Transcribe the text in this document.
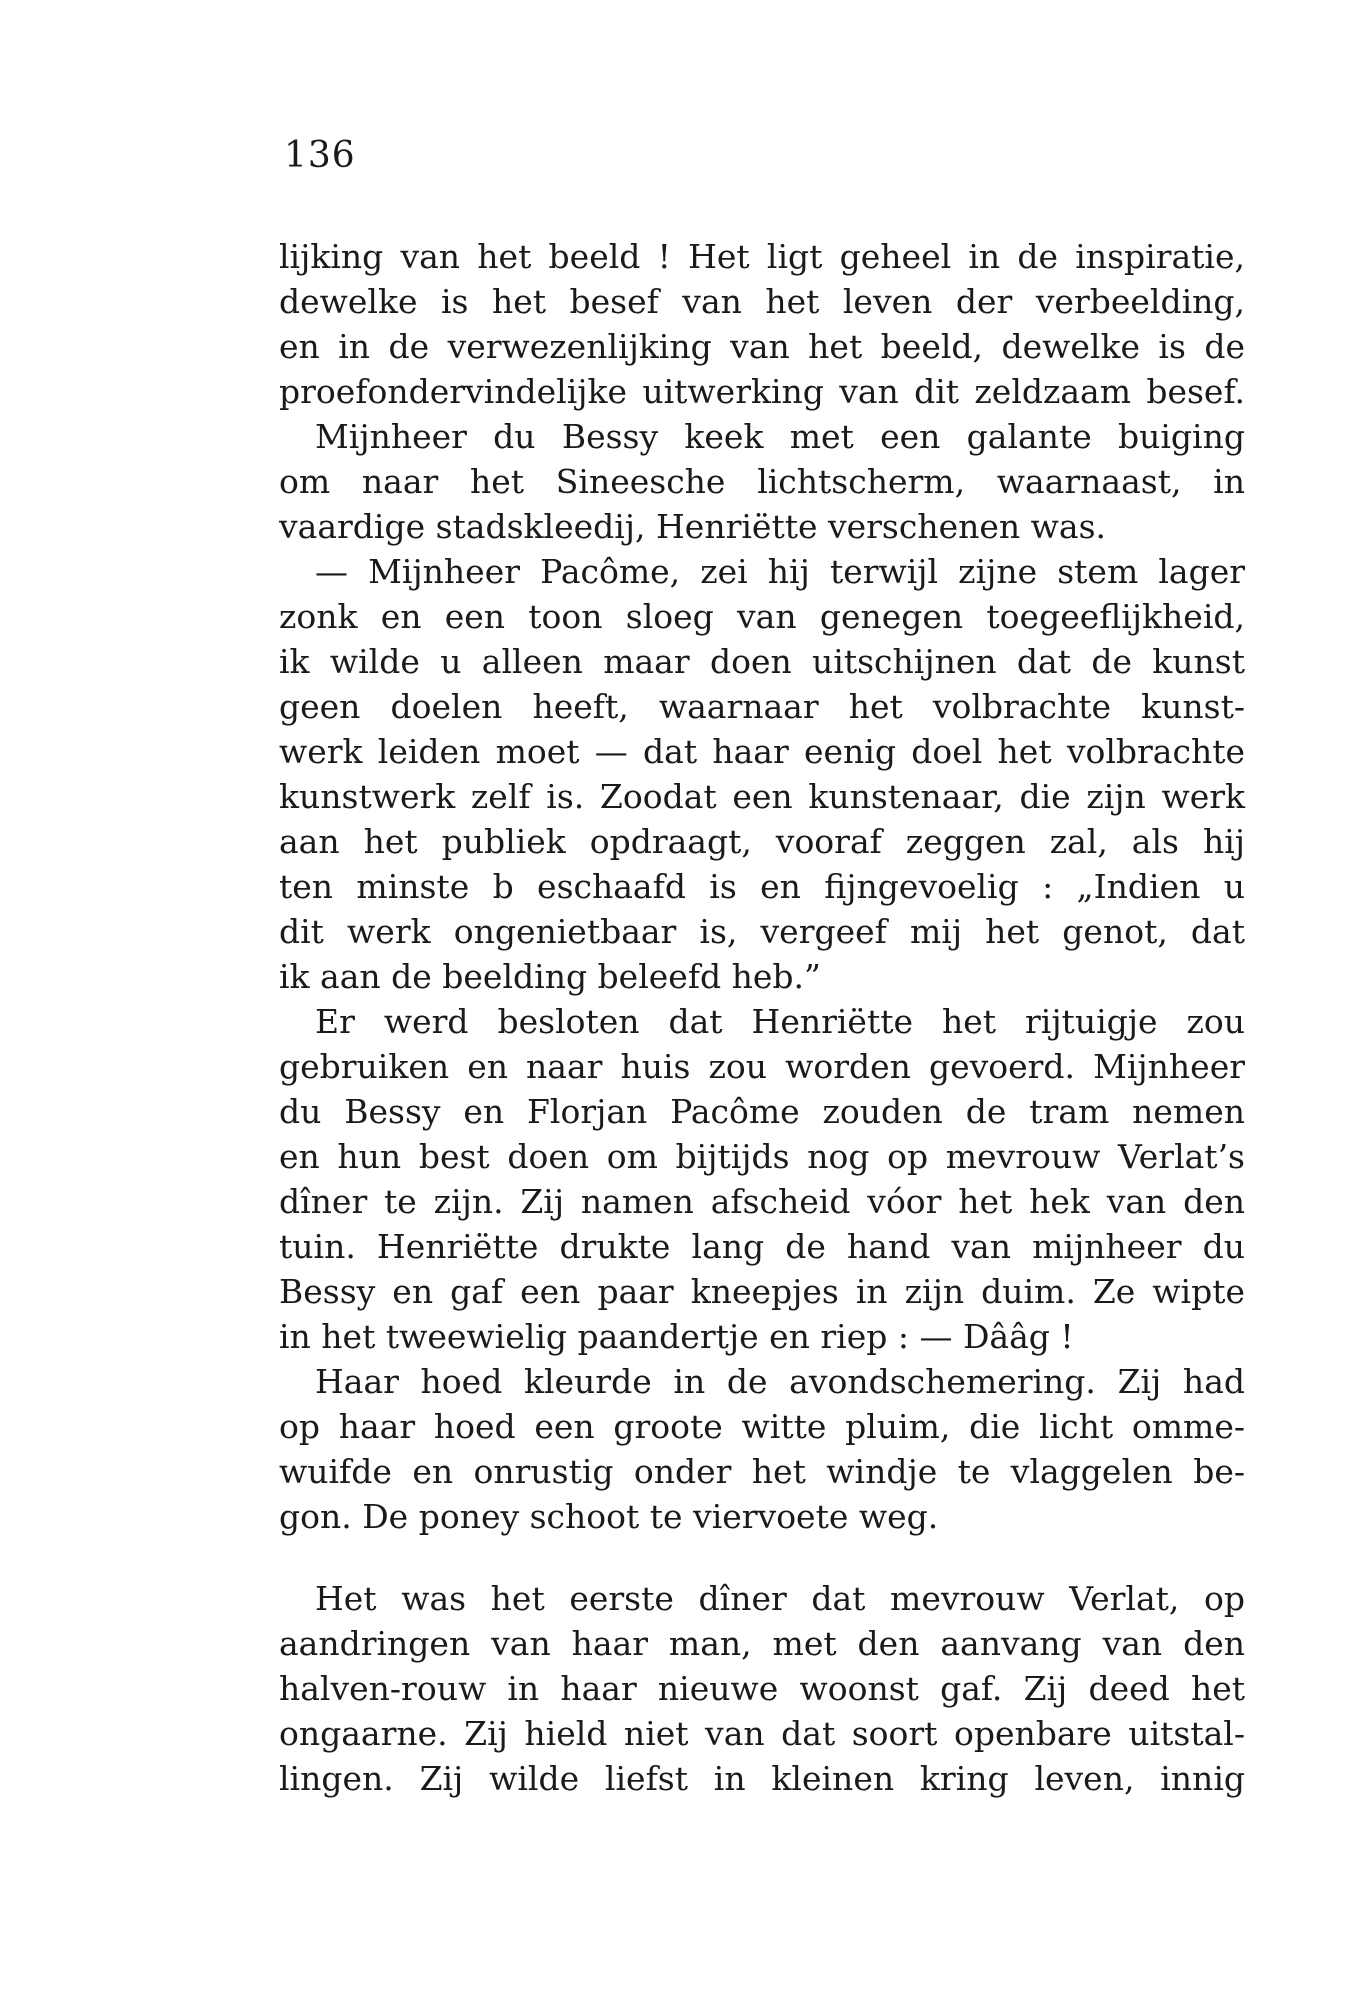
136
lijking van het beeld ! Het ligt geheel in de inspiratie,
dewelke is het besef van het leven der verbeelding,
en in de verwezenlijking van het beeld, dewelke is de
proefondervindelijke uitwerking van dit zeldzaam besef.
Mijnheer du Bessy keek met een galante buiging
om naar het Sineesche lichtscherm, waarnaast, in
vaardige stadskleedij, Henriëtte verschenen was.
— Mijnheer Pacôme, zei hij terwijl zijne stem lager
zonk en een toon sloeg van genegen toegeeflijkheid,
ik wilde u alleen maar doen uitschijnen dat de kunst
geen doelen heeft, waarnaar het volbrachte kunst-
werk leiden moet — dat haar eenig doel het volbrachte
kunstwerk zelf is. Zoodat een kunstenaar, die zijn werk
aan het publiek opdraagt, vooraf zeggen zal, als hij
ten minste b eschaafd is en fijngevoelig : „Indien u
dit werk ongenietbaar is, vergeef mij het genot, dat
ik aan de beelding beleefd heb.”
Er werd besloten dat Henriëtte het rijtuigje zou
gebruiken en naar huis zou worden gevoerd. Mijnheer
du Bessy en Florjan Pacôme zouden de tram nemen
en hun best doen om bijtijds nog op mevrouw Verlat’s
dîner te zijn. Zij namen afscheid vóor het hek van den
tuin. Henriëtte drukte lang de hand van mijnheer du
Bessy en gaf een paar kneepjes in zijn duim. Ze wipte
in het tweewielig paandertje en riep : — Dââg !
Haar hoed kleurde in de avondschemering. Zij had
op haar hoed een groote witte pluim, die licht omme-
wuifde en onrustig onder het windje te vlaggelen be-
gon. De poney schoot te viervoete weg.
Het was het eerste dîner dat mevrouw Verlat, op
aandringen van haar man, met den aanvang van den
halven-rouw in haar nieuwe woonst gaf. Zij deed het
ongaarne. Zij hield niet van dat soort openbare uitstal-
lingen. Zij wilde liefst in kleinen kring leven, innig
